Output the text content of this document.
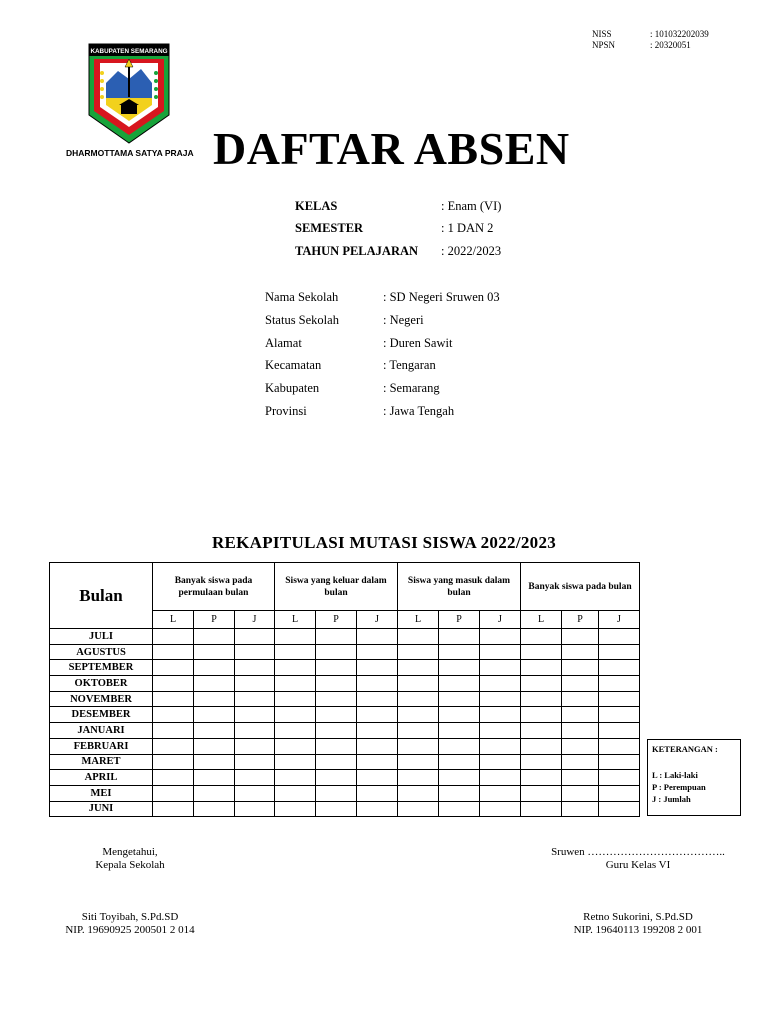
NISS	: 101032202039
NPSN	: 20320051
KABUPATEN SEMARANG
DHARMOTTAMA SATYA PRAJA DAFTAR ABSEN
KELAS	: Enam (VI)
SEMESTER	: 1 DAN 2
TAHUN PELAJARAN : 2022/2023
Nama Sekolah	: SD Negeri Sruwen 03
Status Sekolah	: Negeri
Alamat	: Duren Sawit
Kecamatan	: Tengaran
Kabupaten	: Semarang
Provinsi	: Jawa Tengah
REKAPITULASI MUTASI SISWA 2022/2023
Bulan	Banyak siswa pada permulaan bulan			Siswa yang keluar dalam bulan			Siswa yang masuk dalam bulan			Banyak siswa pada bulan		
	L	P	J	L	P	J	L	P	J	L	P	J
JULI												
AGUSTUS												
SEPTEMBER												
OKTOBER												
NOVEMBER												
DESEMBER												
JANUARI												
FEBRUARI												
MARET												
APRIL												
MEI												
JUNI												
KETERANGAN :
L : Laki-laki
P : Perempuan
J : Jumlah
Mengetahui,
Kepala Sekolah
Siti Toyibah, S.Pd.SD
NIP. 19690925 200501 2 014
Sruwen ………………………………..
Guru Kelas VI
Retno Sukorini, S.Pd.SD
NIP. 19640113 199208 2 001
